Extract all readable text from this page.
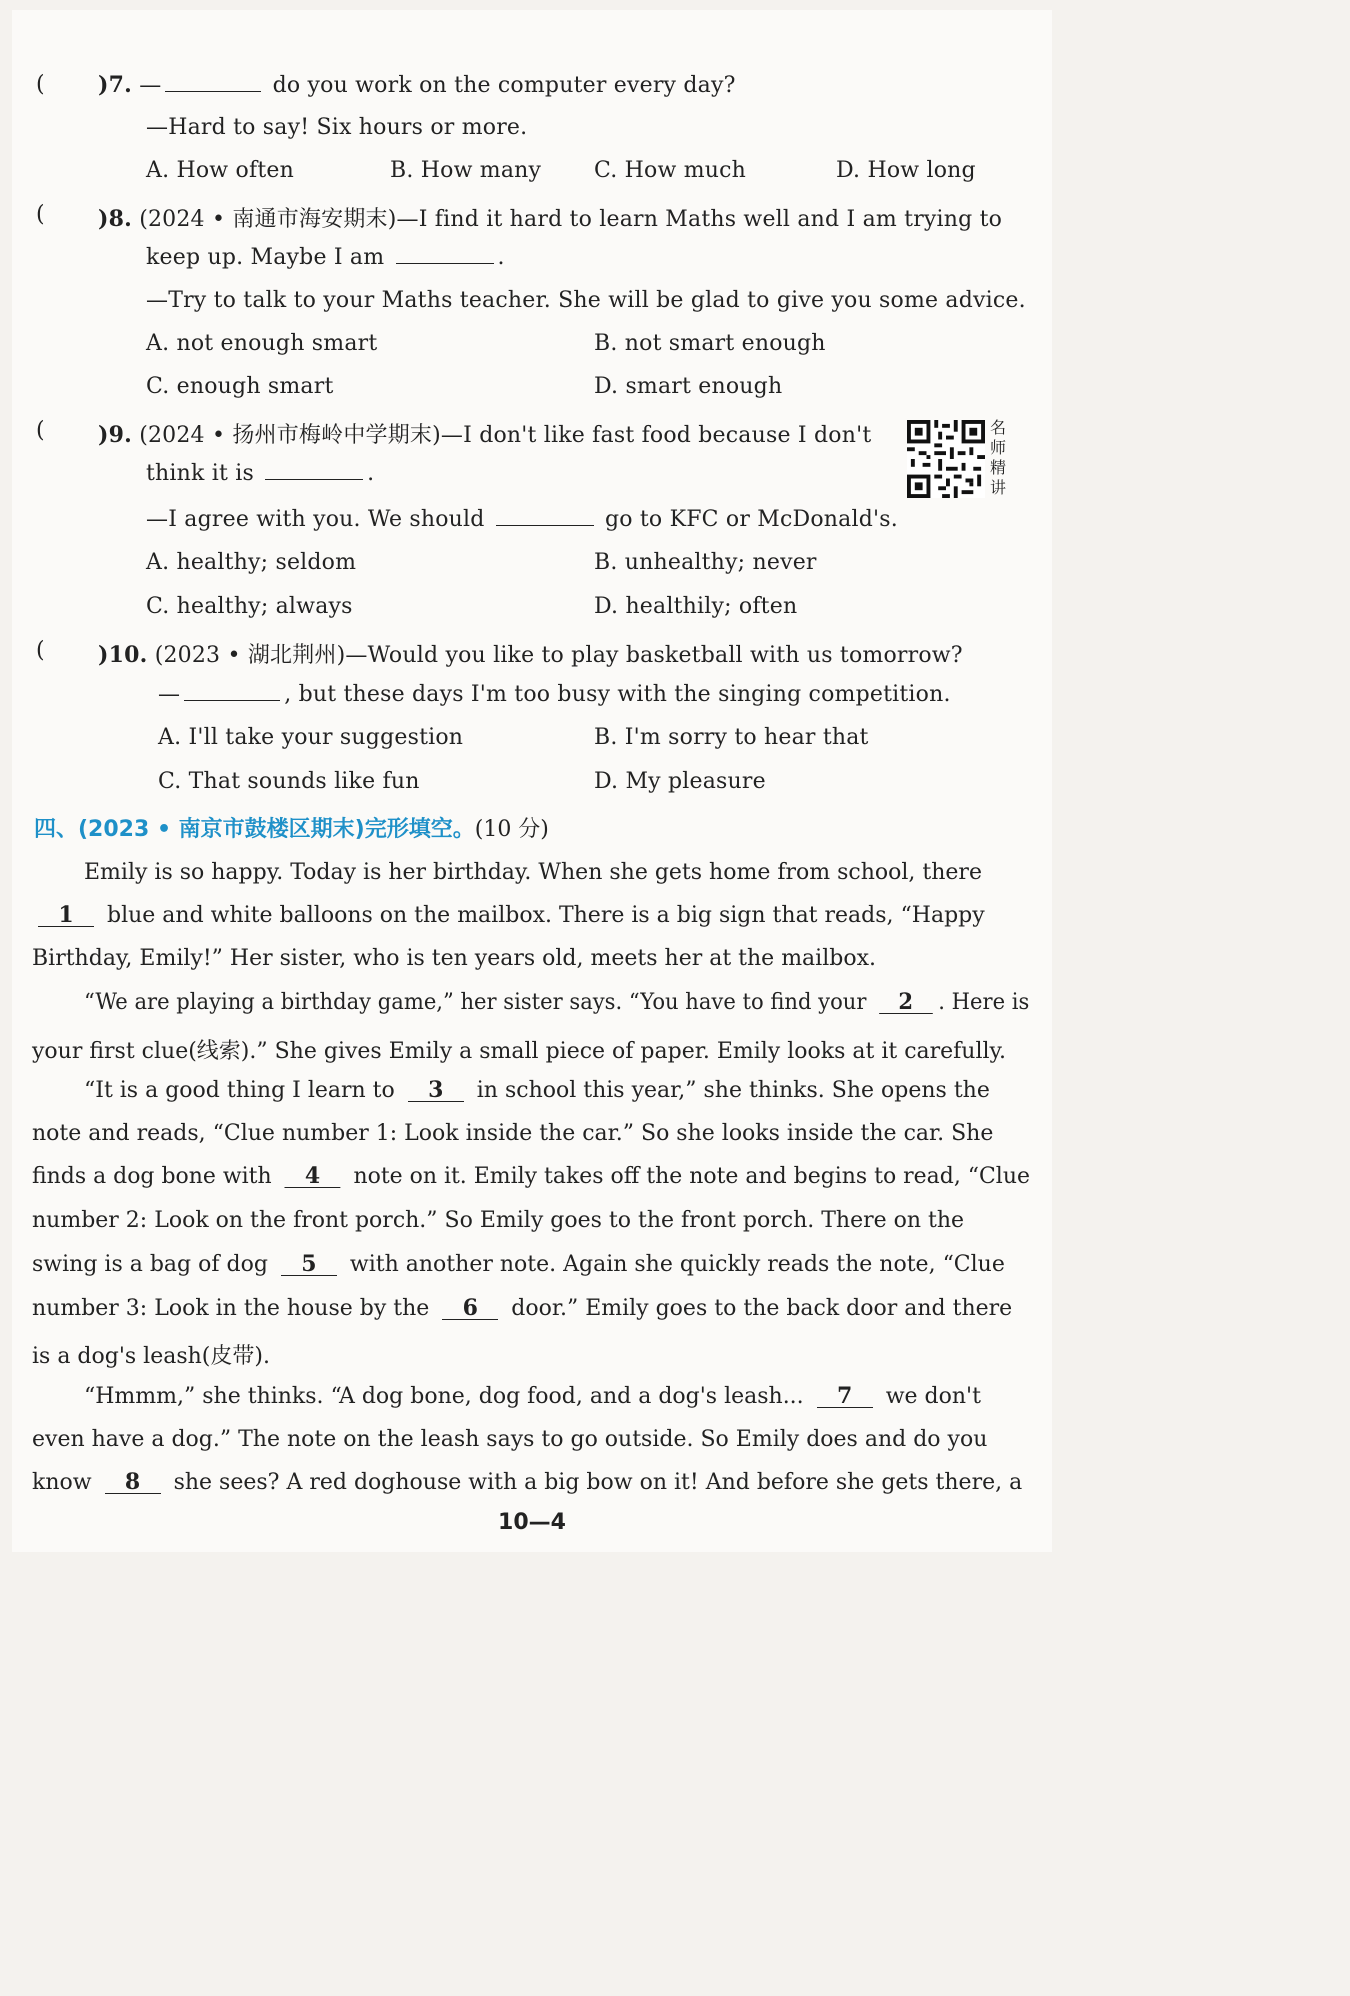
( )7. —	do you work on the computer every day?
—Hard to say! Six hours or more.
A. How often	B. How many C. How much	D. How long
( )8. (2024 • 南通市海安期末)—I find it hard to learn Maths well and I am trying to
keep up. Maybe I am	.
—Try to talk to your Maths teacher. She will be glad to give you some advice.
A. not enough smart	B. not smart enough
C. enough smart	D. smart enough
( )9. (2024 • 扬州市梅岭中学期末)—I don't like fast food because I don't	名师精讲
think it is	.
—I agree with you. We should	go to KFC or McDonald's.
A. healthy; seldom	B. unhealthy; never
C. healthy; always	D. healthily; often
( )10. (2023 • 湖北荆州)—Would you like to play basketball with us tomorrow?
—	, but these days I'm too busy with the singing competition.
A. I'll take your suggestion	B. I'm sorry to hear that
C. That sounds like fun	D. My pleasure
四、(2023 • 南京市鼓楼区期末)完形填空。(10 分)
Emily is so happy. Today is her birthday. When she gets home from school, there
1 blue and white balloons on the mailbox. There is a big sign that reads, “Happy
Birthday, Emily!” Her sister, who is ten years old, meets her at the mailbox.
“We are playing a birthday game,” her sister says. “You have to find your 2 . Here is
your first clue(线索).” She gives Emily a small piece of paper. Emily looks at it carefully.
“It is a good thing I learn to 3 in school this year,” she thinks. She opens the
note and reads, “Clue number 1: Look inside the car.” So she looks inside the car. She
finds a dog bone with 4 note on it. Emily takes off the note and begins to read, “Clue
number 2: Look on the front porch.” So Emily goes to the front porch. There on the
swing is a bag of dog 5 with another note. Again she quickly reads the note, “Clue
number 3: Look in the house by the 6 door.” Emily goes to the back door and there
is a dog's leash(皮带).
“Hmmm,” she thinks. “A dog bone, dog food, and a dog's leash... 7 we don't
even have a dog.” The note on the leash says to go outside. So Emily does and do you
know 8 she sees? A red doghouse with a big bow on it! And before she gets there, a
10—4
